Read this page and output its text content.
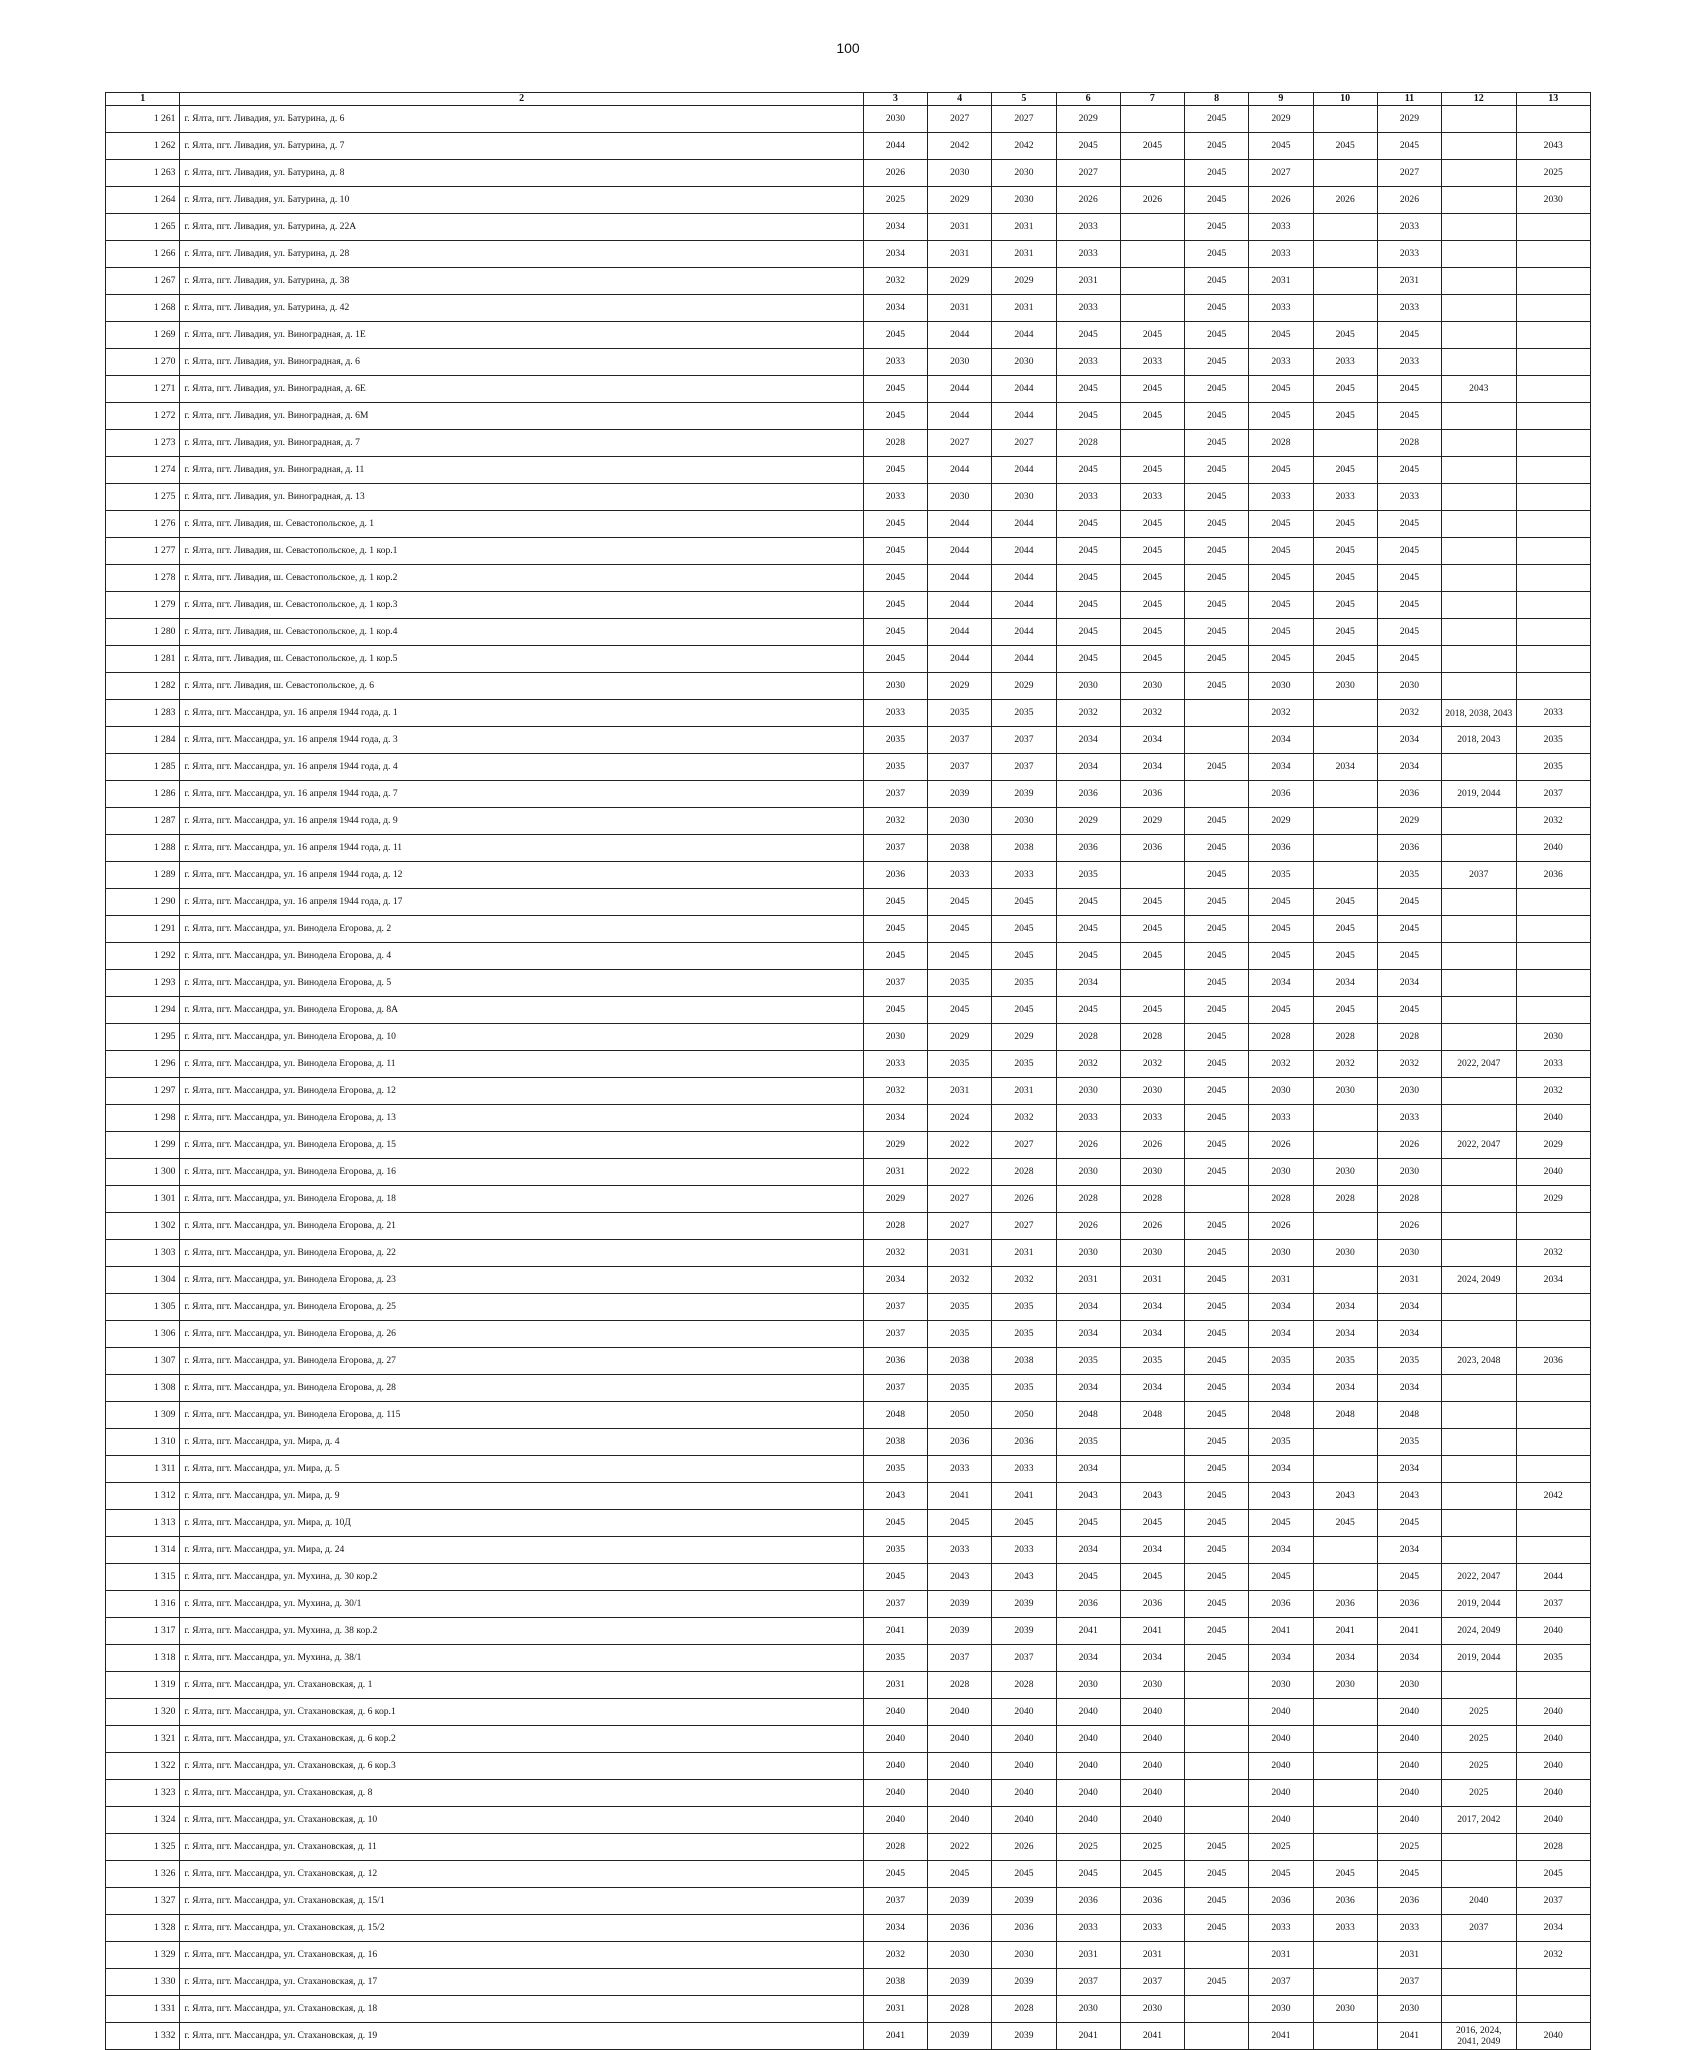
100
1	2	3	4	5	6	7	8	9	10	11	12	13
1 261	г. Ялта, пгт. Ливадия, ул. Батурина, д. 6	2030	2027	2027	2029		2045	2029		2029		
1 262	г. Ялта, пгт. Ливадия, ул. Батурина, д. 7	2044	2042	2042	2045	2045	2045	2045	2045	2045		2043
1 263	г. Ялта, пгт. Ливадия, ул. Батурина, д. 8	2026	2030	2030	2027		2045	2027		2027		2025
1 264	г. Ялта, пгт. Ливадия, ул. Батурина, д. 10	2025	2029	2030	2026	2026	2045	2026	2026	2026		2030
1 265	г. Ялта, пгт. Ливадия, ул. Батурина, д. 22А	2034	2031	2031	2033		2045	2033		2033		
1 266	г. Ялта, пгт. Ливадия, ул. Батурина, д. 28	2034	2031	2031	2033		2045	2033		2033		
1 267	г. Ялта, пгт. Ливадия, ул. Батурина, д. 38	2032	2029	2029	2031		2045	2031		2031		
1 268	г. Ялта, пгт. Ливадия, ул. Батурина, д. 42	2034	2031	2031	2033		2045	2033		2033		
1 269	г. Ялта, пгт. Ливадия, ул. Виноградная, д. 1Е	2045	2044	2044	2045	2045	2045	2045	2045	2045		
1 270	г. Ялта, пгт. Ливадия, ул. Виноградная, д. 6	2033	2030	2030	2033	2033	2045	2033	2033	2033		
1 271	г. Ялта, пгт. Ливадия, ул. Виноградная, д. 6Е	2045	2044	2044	2045	2045	2045	2045	2045	2045	2043	
1 272	г. Ялта, пгт. Ливадия, ул. Виноградная, д. 6М	2045	2044	2044	2045	2045	2045	2045	2045	2045		
1 273	г. Ялта, пгт. Ливадия, ул. Виноградная, д. 7	2028	2027	2027	2028		2045	2028		2028		
1 274	г. Ялта, пгт. Ливадия, ул. Виноградная, д. 11	2045	2044	2044	2045	2045	2045	2045	2045	2045		
1 275	г. Ялта, пгт. Ливадия, ул. Виноградная, д. 13	2033	2030	2030	2033	2033	2045	2033	2033	2033		
1 276	г. Ялта, пгт. Ливадия, ш. Севастопольское, д. 1	2045	2044	2044	2045	2045	2045	2045	2045	2045		
1 277	г. Ялта, пгт. Ливадия, ш. Севастопольское, д. 1 кор.1	2045	2044	2044	2045	2045	2045	2045	2045	2045		
1 278	г. Ялта, пгт. Ливадия, ш. Севастопольское, д. 1 кор.2	2045	2044	2044	2045	2045	2045	2045	2045	2045		
1 279	г. Ялта, пгт. Ливадия, ш. Севастопольское, д. 1 кор.3	2045	2044	2044	2045	2045	2045	2045	2045	2045		
1 280	г. Ялта, пгт. Ливадия, ш. Севастопольское, д. 1 кор.4	2045	2044	2044	2045	2045	2045	2045	2045	2045		
1 281	г. Ялта, пгт. Ливадия, ш. Севастопольское, д. 1 кор.5	2045	2044	2044	2045	2045	2045	2045	2045	2045		
1 282	г. Ялта, пгт. Ливадия, ш. Севастопольское, д. 6	2030	2029	2029	2030	2030	2045	2030	2030	2030		
1 283	г. Ялта, пгт. Массандра, ул. 16 апреля 1944 года, д. 1	2033	2035	2035	2032	2032		2032		2032	2018, 2038, 2043	2033
1 284	г. Ялта, пгт. Массандра, ул. 16 апреля 1944 года, д. 3	2035	2037	2037	2034	2034		2034		2034	2018, 2043	2035
1 285	г. Ялта, пгт. Массандра, ул. 16 апреля 1944 года, д. 4	2035	2037	2037	2034	2034	2045	2034	2034	2034		2035
1 286	г. Ялта, пгт. Массандра, ул. 16 апреля 1944 года, д. 7	2037	2039	2039	2036	2036		2036		2036	2019, 2044	2037
1 287	г. Ялта, пгт. Массандра, ул. 16 апреля 1944 года, д. 9	2032	2030	2030	2029	2029	2045	2029		2029		2032
1 288	г. Ялта, пгт. Массандра, ул. 16 апреля 1944 года, д. 11	2037	2038	2038	2036	2036	2045	2036		2036		2040
1 289	г. Ялта, пгт. Массандра, ул. 16 апреля 1944 года, д. 12	2036	2033	2033	2035		2045	2035		2035	2037	2036
1 290	г. Ялта, пгт. Массандра, ул. 16 апреля 1944 года, д. 17	2045	2045	2045	2045	2045	2045	2045	2045	2045		
1 291	г. Ялта, пгт. Массандра, ул. Винодела Егорова, д. 2	2045	2045	2045	2045	2045	2045	2045	2045	2045		
1 292	г. Ялта, пгт. Массандра, ул. Винодела Егорова, д. 4	2045	2045	2045	2045	2045	2045	2045	2045	2045		
1 293	г. Ялта, пгт. Массандра, ул. Винодела Егорова, д. 5	2037	2035	2035	2034		2045	2034	2034	2034		
1 294	г. Ялта, пгт. Массандра, ул. Винодела Егорова, д. 8А	2045	2045	2045	2045	2045	2045	2045	2045	2045		
1 295	г. Ялта, пгт. Массандра, ул. Винодела Егорова, д. 10	2030	2029	2029	2028	2028	2045	2028	2028	2028		2030
1 296	г. Ялта, пгт. Массандра, ул. Винодела Егорова, д. 11	2033	2035	2035	2032	2032	2045	2032	2032	2032	2022, 2047	2033
1 297	г. Ялта, пгт. Массандра, ул. Винодела Егорова, д. 12	2032	2031	2031	2030	2030	2045	2030	2030	2030		2032
1 298	г. Ялта, пгт. Массандра, ул. Винодела Егорова, д. 13	2034	2024	2032	2033	2033	2045	2033		2033		2040
1 299	г. Ялта, пгт. Массандра, ул. Винодела Егорова, д. 15	2029	2022	2027	2026	2026	2045	2026		2026	2022, 2047	2029
1 300	г. Ялта, пгт. Массандра, ул. Винодела Егорова, д. 16	2031	2022	2028	2030	2030	2045	2030	2030	2030		2040
1 301	г. Ялта, пгт. Массандра, ул. Винодела Егорова, д. 18	2029	2027	2026	2028	2028		2028	2028	2028		2029
1 302	г. Ялта, пгт. Массандра, ул. Винодела Егорова, д. 21	2028	2027	2027	2026	2026	2045	2026		2026		
1 303	г. Ялта, пгт. Массандра, ул. Винодела Егорова, д. 22	2032	2031	2031	2030	2030	2045	2030	2030	2030		2032
1 304	г. Ялта, пгт. Массандра, ул. Винодела Егорова, д. 23	2034	2032	2032	2031	2031	2045	2031		2031	2024, 2049	2034
1 305	г. Ялта, пгт. Массандра, ул. Винодела Егорова, д. 25	2037	2035	2035	2034	2034	2045	2034	2034	2034		
1 306	г. Ялта, пгт. Массандра, ул. Винодела Егорова, д. 26	2037	2035	2035	2034	2034	2045	2034	2034	2034		
1 307	г. Ялта, пгт. Массандра, ул. Винодела Егорова, д. 27	2036	2038	2038	2035	2035	2045	2035	2035	2035	2023, 2048	2036
1 308	г. Ялта, пгт. Массандра, ул. Винодела Егорова, д. 28	2037	2035	2035	2034	2034	2045	2034	2034	2034		
1 309	г. Ялта, пгт. Массандра, ул. Винодела Егорова, д. 115	2048	2050	2050	2048	2048	2045	2048	2048	2048		
1 310	г. Ялта, пгт. Массандра, ул. Мира, д. 4	2038	2036	2036	2035		2045	2035		2035		
1 311	г. Ялта, пгт. Массандра, ул. Мира, д. 5	2035	2033	2033	2034		2045	2034		2034		
1 312	г. Ялта, пгт. Массандра, ул. Мира, д. 9	2043	2041	2041	2043	2043	2045	2043	2043	2043		2042
1 313	г. Ялта, пгт. Массандра, ул. Мира, д. 10Д	2045	2045	2045	2045	2045	2045	2045	2045	2045		
1 314	г. Ялта, пгт. Массандра, ул. Мира, д. 24	2035	2033	2033	2034	2034	2045	2034		2034		
1 315	г. Ялта, пгт. Массандра, ул. Мухина, д. 30 кор.2	2045	2043	2043	2045	2045	2045	2045		2045	2022, 2047	2044
1 316	г. Ялта, пгт. Массандра, ул. Мухина, д. 30/1	2037	2039	2039	2036	2036	2045	2036	2036	2036	2019, 2044	2037
1 317	г. Ялта, пгт. Массандра, ул. Мухина, д. 38 кор.2	2041	2039	2039	2041	2041	2045	2041	2041	2041	2024, 2049	2040
1 318	г. Ялта, пгт. Массандра, ул. Мухина, д. 38/1	2035	2037	2037	2034	2034	2045	2034	2034	2034	2019, 2044	2035
1 319	г. Ялта, пгт. Массандра, ул. Стахановская, д. 1	2031	2028	2028	2030	2030		2030	2030	2030		
1 320	г. Ялта, пгт. Массандра, ул. Стахановская, д. 6 кор.1	2040	2040	2040	2040	2040		2040		2040	2025	2040
1 321	г. Ялта, пгт. Массандра, ул. Стахановская, д. 6 кор.2	2040	2040	2040	2040	2040		2040		2040	2025	2040
1 322	г. Ялта, пгт. Массандра, ул. Стахановская, д. 6 кор.3	2040	2040	2040	2040	2040		2040		2040	2025	2040
1 323	г. Ялта, пгт. Массандра, ул. Стахановская, д. 8	2040	2040	2040	2040	2040		2040		2040	2025	2040
1 324	г. Ялта, пгт. Массандра, ул. Стахановская, д. 10	2040	2040	2040	2040	2040		2040		2040	2017, 2042	2040
1 325	г. Ялта, пгт. Массандра, ул. Стахановская, д. 11	2028	2022	2026	2025	2025	2045	2025		2025		2028
1 326	г. Ялта, пгт. Массандра, ул. Стахановская, д. 12	2045	2045	2045	2045	2045	2045	2045	2045	2045		2045
1 327	г. Ялта, пгт. Массандра, ул. Стахановская, д. 15/1	2037	2039	2039	2036	2036	2045	2036	2036	2036	2040	2037
1 328	г. Ялта, пгт. Массандра, ул. Стахановская, д. 15/2	2034	2036	2036	2033	2033	2045	2033	2033	2033	2037	2034
1 329	г. Ялта, пгт. Массандра, ул. Стахановская, д. 16	2032	2030	2030	2031	2031		2031		2031		2032
1 330	г. Ялта, пгт. Массандра, ул. Стахановская, д. 17	2038	2039	2039	2037	2037	2045	2037		2037		
1 331	г. Ялта, пгт. Массандра, ул. Стахановская, д. 18	2031	2028	2028	2030	2030		2030	2030	2030		
1 332	г. Ялта, пгт. Массандра, ул. Стахановская, д. 19	2041	2039	2039	2041	2041		2041		2041	2016, 2024, 2041, 2049	2040
